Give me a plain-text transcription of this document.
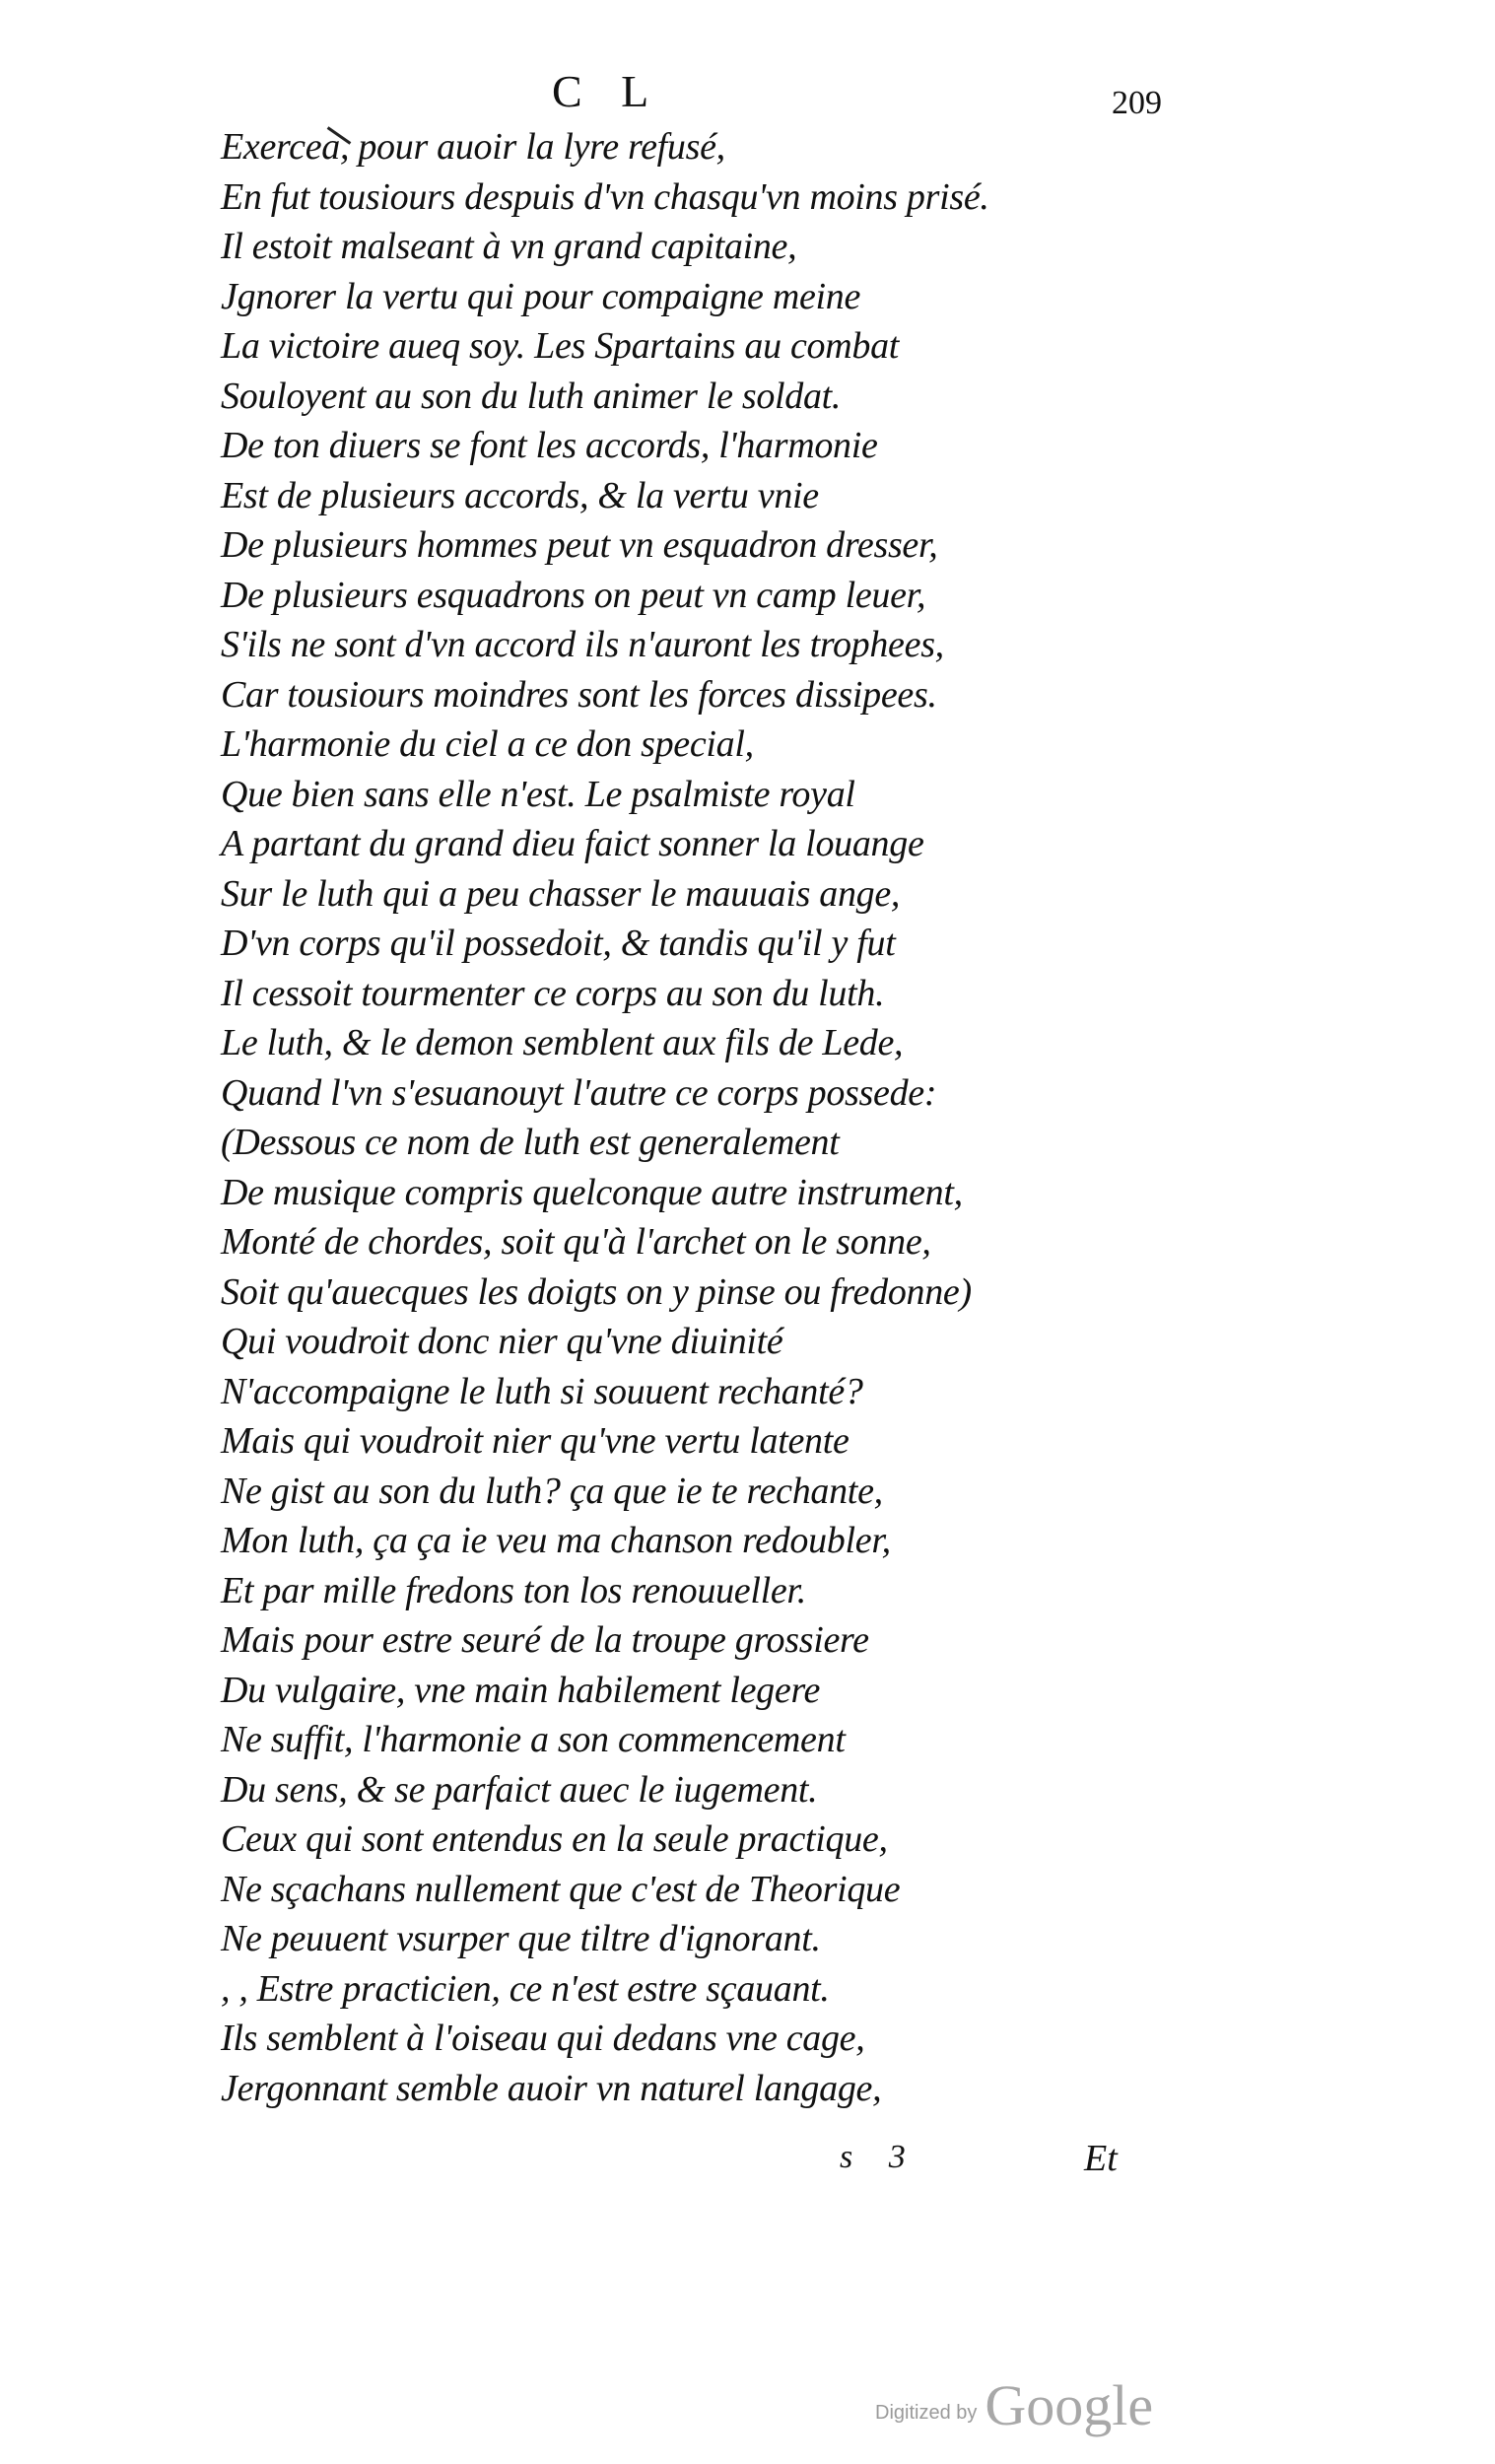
C L	209
Exercea, pour auoir la lyre refusé,
En fut tousiours despuis d'vn chasqu'vn moins prisé.
Il estoit malseant à vn grand capitaine,
Jgnorer la vertu qui pour compaigne meine
La victoire aueq soy. Les Spartains au combat
Souloyent au son du luth animer le soldat.
De ton diuers se font les accords, l'harmonie
Est de plusieurs accords, & la vertu vnie
De plusieurs hommes peut vn esquadron dresser,
De plusieurs esquadrons on peut vn camp leuer,
S'ils ne sont d'vn accord ils n'auront les trophees,
Car tousiours moindres sont les forces dissipees.
L'harmonie du ciel a ce don special,
Que bien sans elle n'est. Le psalmiste royal
A partant du grand dieu faict sonner la louange
Sur le luth qui a peu chasser le mauuais ange,
D'vn corps qu'il possedoit, & tandis qu'il y fut
Il cessoit tourmenter ce corps au son du luth.
Le luth, & le demon semblent aux fils de Lede,
Quand l'vn s'esuanouyt l'autre ce corps possede:
(Dessous ce nom de luth est generalement
De musique compris quelconque autre instrument,
Monté de chordes, soit qu'à l'archet on le sonne,
Soit qu'auecques les doigts on y pinse ou fredonne)
Qui voudroit donc nier qu'vne diuinité
N'accompaigne le luth si souuent rechanté?
Mais qui voudroit nier qu'vne vertu latente
Ne gist au son du luth? ça que ie te rechante,
Mon luth, ça ça ie veu ma chanson redoubler,
Et par mille fredons ton los renouueller.
Mais pour estre seuré de la troupe grossiere
Du vulgaire, vne main habilement legere
Ne suffit, l'harmonie a son commencement
Du sens, & se parfaict auec le iugement.
Ceux qui sont entendus en la seule practique,
Ne sçachans nullement que c'est de Theorique
Ne peuuent vsurper que tiltre d'ignorant.
, , Estre practicien, ce n'est estre sçauant.
Ils semblent à l'oiseau qui dedans vne cage,
Jergonnant semble auoir vn naturel langage,
s 3	Et
Digitized by Google
